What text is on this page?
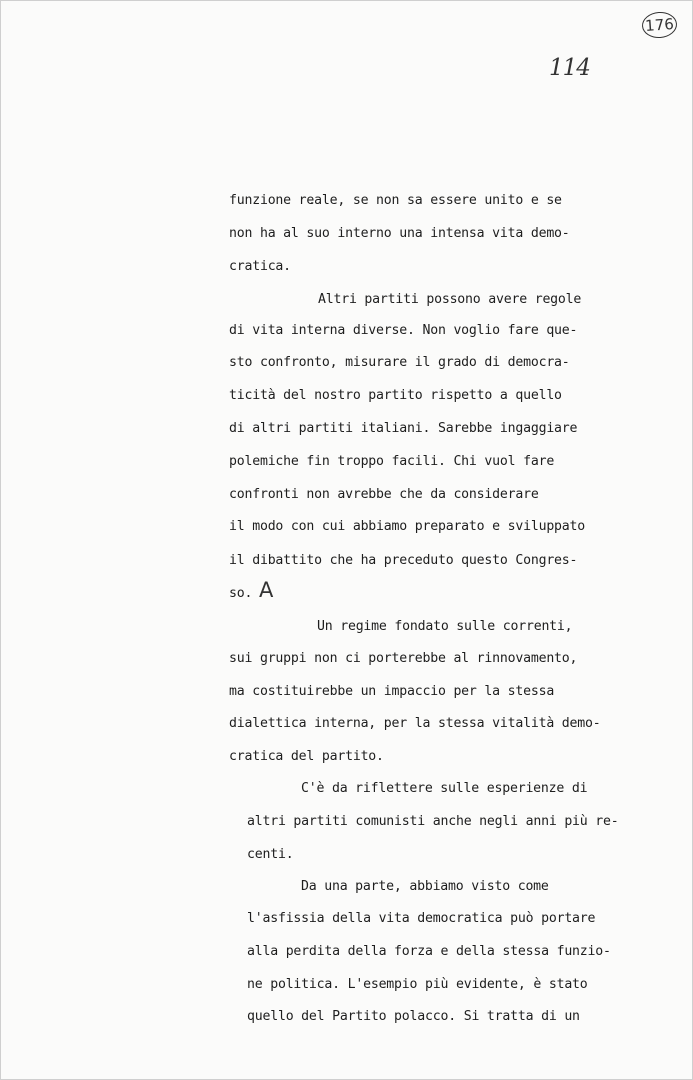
176
114
funzione reale, se non sa essere unito e se
non ha al suo interno una intensa vita demo-
cratica.
Altri partiti possono avere regole
di vita interna diverse. Non voglio fare que-
sto confronto, misurare il grado di democra-
ticità del nostro partito rispetto a quello
di altri partiti italiani. Sarebbe ingaggiare
polemiche fin troppo facili. Chi vuol fare
confronti non avrebbe che da considerare
il modo con cui abbiamo preparato e sviluppato
il dibattito che ha preceduto questo Congres-
so. A
Un regime fondato sulle correnti,
sui gruppi non ci porterebbe al rinnovamento,
ma costituirebbe un impaccio per la stessa
dialettica interna, per la stessa vitalità demo-
cratica del partito.
C'è da riflettere sulle esperienze di
altri partiti comunisti anche negli anni più re-
centi.
Da una parte, abbiamo visto come
l'asfissia della vita democratica può portare
alla perdita della forza e della stessa funzio-
ne politica. L'esempio più evidente, è stato
quello del Partito polacco. Si tratta di un
